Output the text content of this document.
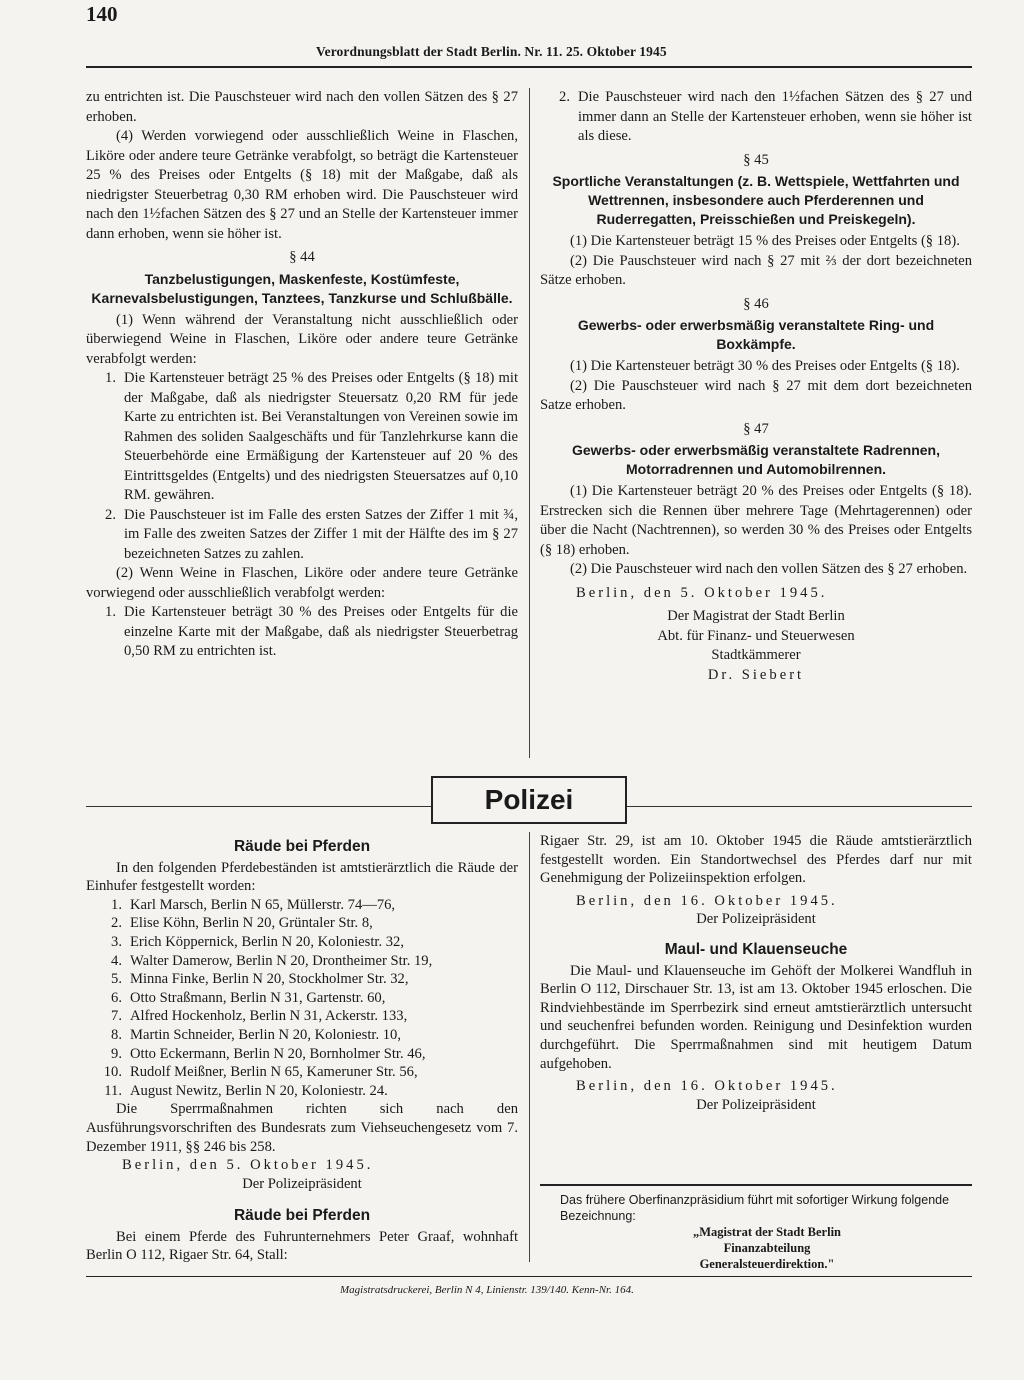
140
Verordnungsblatt der Stadt Berlin. Nr. 11. 25. Oktober 1945

zu entrichten ist. Die Pauschsteuer wird nach den vollen Sätzen des § 27 erhoben.

(4) Werden vorwiegend oder ausschließlich Weine in Flaschen, Liköre oder andere teure Getränke verabfolgt, so beträgt die Kartensteuer 25 % des Preises oder Entgelts (§ 18) mit der Maßgabe, daß als niedrigster Steuerbetrag 0,30 RM erhoben wird. Die Pauschsteuer wird nach den 1½fachen Sätzen des § 27 und an Stelle der Kartensteuer immer dann erhoben, wenn sie höher ist.

§ 44

Tanzbelustigungen, Maskenfeste, Kostümfeste, Karnevalsbelustigungen, Tanztees, Tanzkurse und Schlußbälle.

(1) Wenn während der Veranstaltung nicht ausschließlich oder überwiegend Weine in Flaschen, Liköre oder andere teure Getränke verabfolgt werden:

1. Die Kartensteuer beträgt 25 % des Preises oder Entgelts (§ 18) mit der Maßgabe, daß als niedrigster Steuersatz 0,20 RM für jede Karte zu entrichten ist. Bei Veranstaltungen von Vereinen sowie im Rahmen des soliden Saalgeschäfts und für Tanzlehrkurse kann die Steuerbehörde eine Ermäßigung der Kartensteuer auf 20 % des Eintrittsgeldes (Entgelts) und des niedrigsten Steuersatzes auf 0,10 RM. gewähren.
2. Die Pauschsteuer ist im Falle des ersten Satzes der Ziffer 1 mit ¾, im Falle des zweiten Satzes der Ziffer 1 mit der Hälfte des im § 27 bezeichneten Satzes zu zahlen.

(2) Wenn Weine in Flaschen, Liköre oder andere teure Getränke vorwiegend oder ausschließlich verabfolgt werden:

1. Die Kartensteuer beträgt 30 % des Preises oder Entgelts für die einzelne Karte mit der Maßgabe, daß als niedrigster Steuerbetrag 0,50 RM zu entrichten ist.
2. Die Pauschsteuer wird nach den 1½fachen Sätzen des § 27 und immer dann an Stelle der Kartensteuer erhoben, wenn sie höher ist als diese.

§ 45

Sportliche Veranstaltungen (z. B. Wettspiele, Wettfahrten und Wettrennen, insbesondere auch Pferderennen und Ruderregatten, Preisschießen und Preiskegeln).

(1) Die Kartensteuer beträgt 15 % des Preises oder Entgelts (§ 18).

(2) Die Pauschsteuer wird nach § 27 mit ⅔ der dort bezeichneten Sätze erhoben.

§ 46

Gewerbs- oder erwerbsmäßig veranstaltete Ring- und Boxkämpfe.

(1) Die Kartensteuer beträgt 30 % des Preises oder Entgelts (§ 18).

(2) Die Pauschsteuer wird nach § 27 mit dem dort bezeichneten Satze erhoben.

§ 47

Gewerbs- oder erwerbsmäßig veranstaltete Radrennen, Motorradrennen und Automobilrennen.

(1) Die Kartensteuer beträgt 20 % des Preises oder Entgelts (§ 18). Erstrecken sich die Rennen über mehrere Tage (Mehrtagerennen) oder über die Nacht (Nachtrennen), so werden 30 % des Preises oder Entgelts (§ 18) erhoben.

(2) Die Pauschsteuer wird nach den vollen Sätzen des § 27 erhoben.

Berlin, den 5. Oktober 1945.

Der Magistrat der Stadt Berlin

Abt. für Finanz- und Steuerwesen

Stadtkämmerer

Dr. Siebert

Polizei

Räude bei Pferden

In den folgenden Pferdebeständen ist amtstierärztlich die Räude der Einhufer festgestellt worden:

1. Karl Marsch, Berlin N 65, Müllerstr. 74—76,
2. Elise Köhn, Berlin N 20, Grüntaler Str. 8,
3. Erich Köppernick, Berlin N 20, Koloniestr. 32,
4. Walter Damerow, Berlin N 20, Drontheimer Str. 19,
5. Minna Finke, Berlin N 20, Stockholmer Str. 32,
6. Otto Straßmann, Berlin N 31, Gartenstr. 60,
7. Alfred Hockenholz, Berlin N 31, Ackerstr. 133,
8. Martin Schneider, Berlin N 20, Koloniestr. 10,
9. Otto Eckermann, Berlin N 20, Bornholmer Str. 46,
10. Rudolf Meißner, Berlin N 65, Kameruner Str. 56,
11. August Newitz, Berlin N 20, Koloniestr. 24.

Die Sperrmaßnahmen richten sich nach den Ausführungsvorschriften des Bundesrats zum Viehseuchengesetz vom 7. Dezember 1911, §§ 246 bis 258.

Berlin, den 5. Oktober 1945.

Der Polizeipräsident

Räude bei Pferden

Bei einem Pferde des Fuhrunternehmers Peter Graaf, wohnhaft Berlin O 112, Rigaer Str. 64, Stall:

Rigaer Str. 29, ist am 10. Oktober 1945 die Räude amtstierärztlich festgestellt worden. Ein Standortwechsel des Pferdes darf nur mit Genehmigung der Polizeiinspektion erfolgen.

Berlin, den 16. Oktober 1945.

Der Polizeipräsident

Maul- und Klauenseuche

Die Maul- und Klauenseuche im Gehöft der Molkerei Wandfluh in Berlin O 112, Dirschauer Str. 13, ist am 13. Oktober 1945 erloschen. Die Rindviehbestände im Sperrbezirk sind erneut amtstierärztlich untersucht und seuchenfrei befunden worden. Reinigung und Desinfektion wurden durchgeführt. Die Sperrmaßnahmen sind mit heutigem Datum aufgehoben.

Berlin, den 16. Oktober 1945.

Der Polizeipräsident

Das frühere Oberfinanzpräsidium führt mit sofortiger Wirkung folgende Bezeichnung:

„Magistrat der Stadt Berlin

Finanzabteilung

Generalsteuerdirektion."

Magistratsdruckerei, Berlin N 4, Linienstr. 139/140. Kenn-Nr. 164.
